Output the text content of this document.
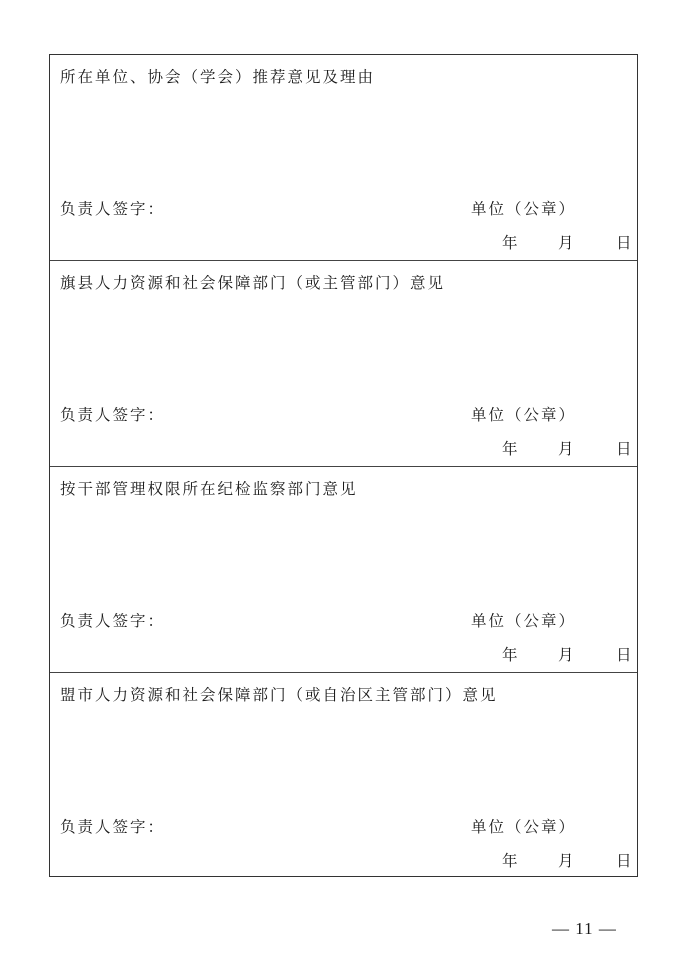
所在单位、协会（学会）推荐意见及理由
负责人签字：	单位（公章）
年	月	日
旗县人力资源和社会保障部门（或主管部门）意见
负责人签字：	单位（公章）
年	月	日
按干部管理权限所在纪检监察部门意见
负责人签字：	单位（公章）
年	月	日
盟市人力资源和社会保障部门（或自治区主管部门）意见
负责人签字：	单位（公章）
年	月	日
— 11 —
